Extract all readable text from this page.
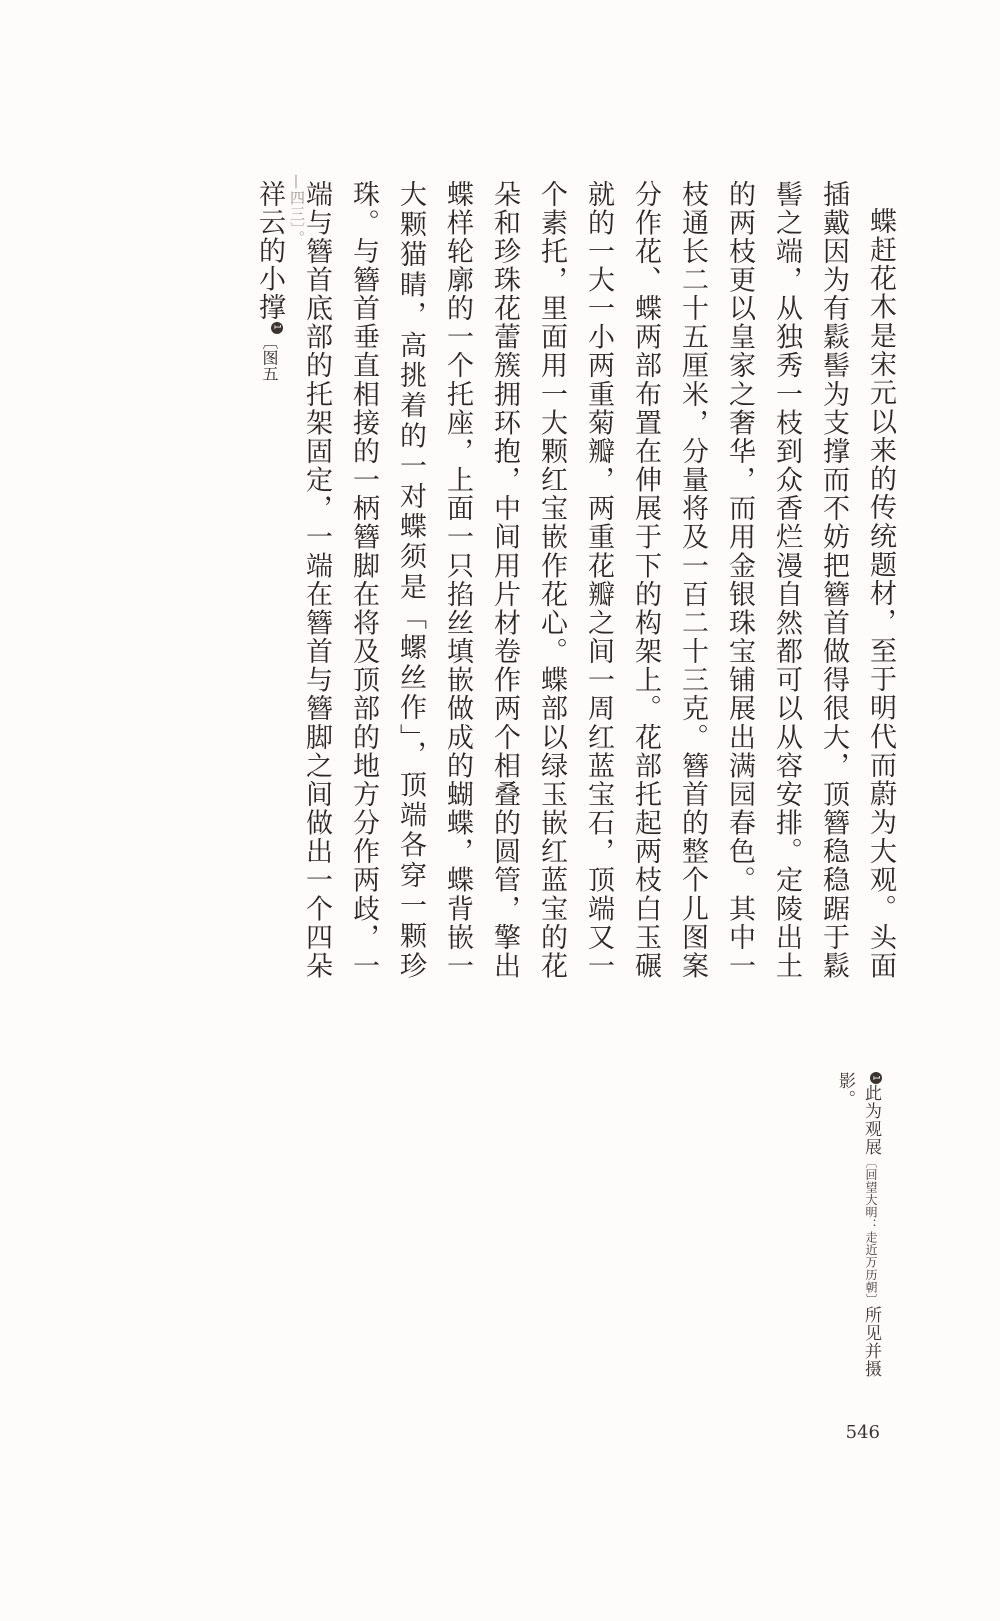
蝶赶花木是宋元以来的传统题材，至于明代而蔚为大观。头面插戴因为有鬏髻为支撑而不妨把簪首做得很大，顶簪稳稳踞于鬏髻之端，从独秀一枝到众香烂漫自然都可以从容安排。定陵出土的两枝更以皇家之奢华，而用金银珠宝铺展出满园春色。其中一枝通长二十五厘米，分量将及一百二十三克。簪首的整个儿图案分作花、蝶两部布置在伸展于下的构架上。花部托起两枝白玉碾就的一大一小两重菊瓣，两重花瓣之间一周红蓝宝石，顶端又一个素托，里面用一大颗红宝嵌作花心。蝶部以绿玉嵌红蓝宝的花朵和珍珠花蕾簇拥环抱，中间用片材卷作两个相叠的圆管，擎出蝶样轮廓的一个托座，上面一只掐丝填嵌做成的蝴蝶，蝶背嵌一大颗猫睛，高挑着的一对蝶须是「螺丝作」，顶端各穿一颗珍珠。与簪首垂直相接的一柄簪脚在将及顶部的地方分作两歧，一端与簪首底部的托架固定，一端在簪首与簪脚之间做出一个四朵祥云的小撑1〔图五
—四三〕。
1此为观展〔回望大明：走近万历朝〕所见并摄影。
546
